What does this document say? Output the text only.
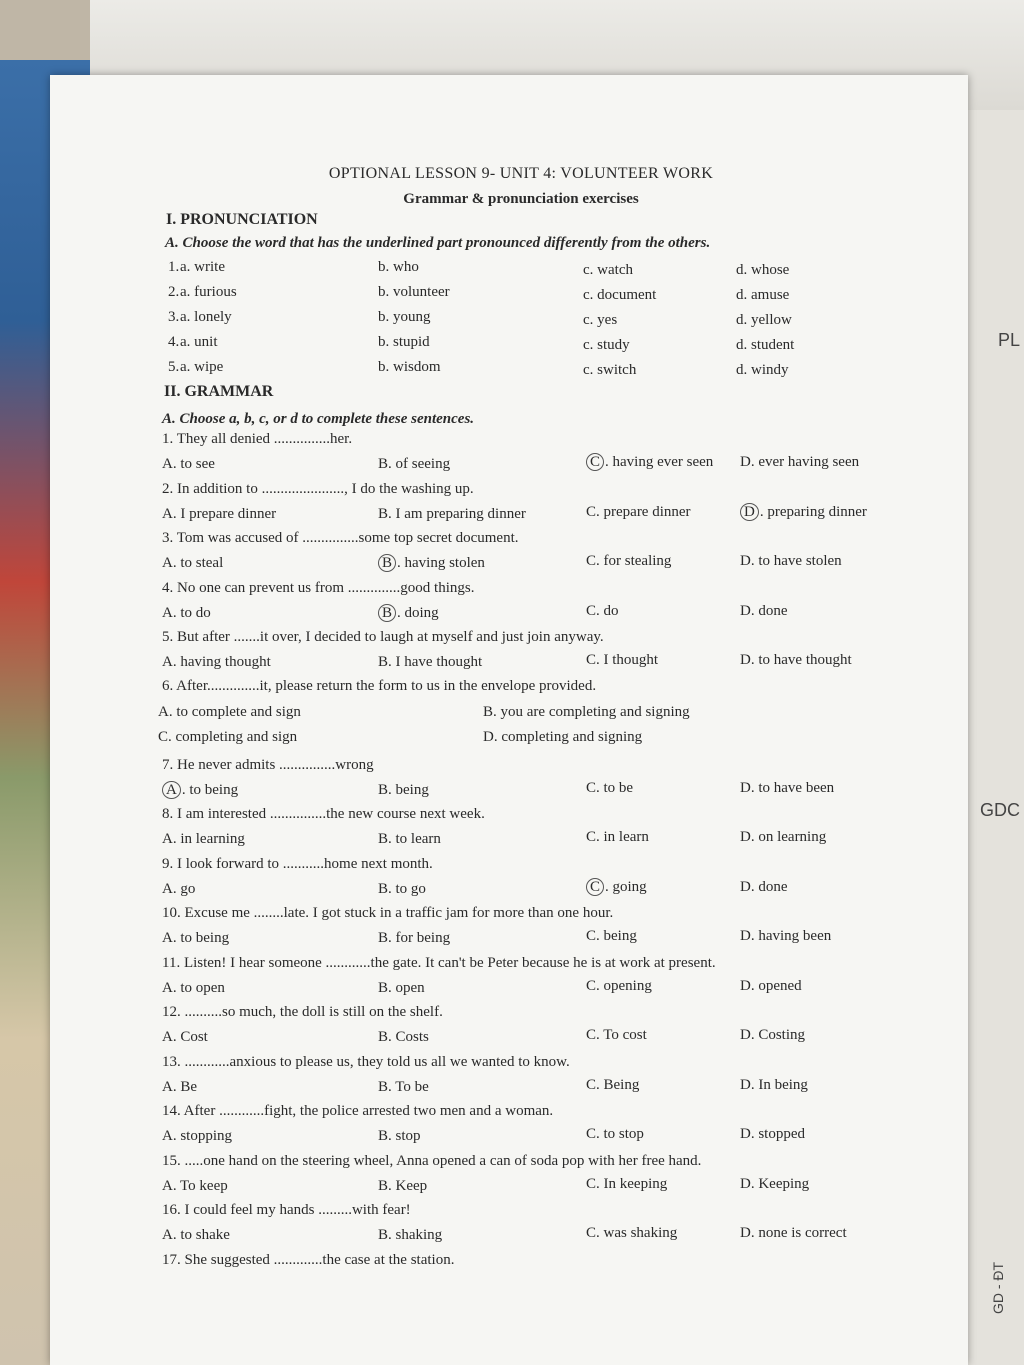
PL
GDC
GD - ĐT
OPTIONAL LESSON 9- UNIT 4: VOLUNTEER WORK
Grammar & pronunciation exercises
I. PRONUNCIATION
A. Choose the word that has the underlined part pronounced differently from the others.
1. a. write	b. who	c. watch	d. whose
2. a. furious	b. volunteer	c. document	d. amuse
3. a. lonely	b. young	c. yes	d. yellow
4. a. unit	b. stupid	c. study	d. student
5. a. wipe	b. wisdom	c. switch	d. windy
II. GRAMMAR
A. Choose a, b, c, or d to complete these sentences.
1. They all denied ...............her.
A. to see	B. of seeing	C . having ever seen D. ever having seen
2. In addition to ......................, I do the washing up.
A. I prepare dinner	B. I am preparing dinner	C. prepare dinner	D . preparing dinner
3. Tom was accused of ...............some top secret document.
A. to steal	B . having stolen	C. for stealing	D. to have stolen
4. No one can prevent us from ..............good things.
A. to do	B . doing	C. do	D. done
5. But after .......it over, I decided to laugh at myself and just join anyway.
A. having thought	B. I have thought	C. I thought	D. to have thought
6. After..............it, please return the form to us in the envelope provided.
A. to complete and sign	B. you are completing and signing
C. completing and sign	D. completing and signing
7. He never admits ...............wrong
A . to being	B. being	C. to be	D. to have been
8. I am interested ...............the new course next week.
A. in learning	B. to learn	C. in learn	D. on learning
9. I look forward to ...........home next month.
A. go	B. to go	C . going	D. done
10. Excuse me ........late. I got stuck in a traffic jam for more than one hour.
A. to being	B. for being	C. being	D. having been
11. Listen! I hear someone ............the gate. It can't be Peter because he is at work at present.
A. to open	B. open	C. opening	D. opened
12. ..........so much, the doll is still on the shelf.
A. Cost	B. Costs	C. To cost	D. Costing
13. ............anxious to please us, they told us all we wanted to know.
A. Be	B. To be	C. Being	D. In being
14. After ............fight, the police arrested two men and a woman.
A. stopping	B. stop	C. to stop	D. stopped
15. .....one hand on the steering wheel, Anna opened a can of soda pop with her free hand.
A. To keep	B. Keep	C. In keeping	D. Keeping
16. I could feel my hands .........with fear!
A. to shake	B. shaking	C. was shaking	D. none is correct
17. She suggested .............the case at the station.
